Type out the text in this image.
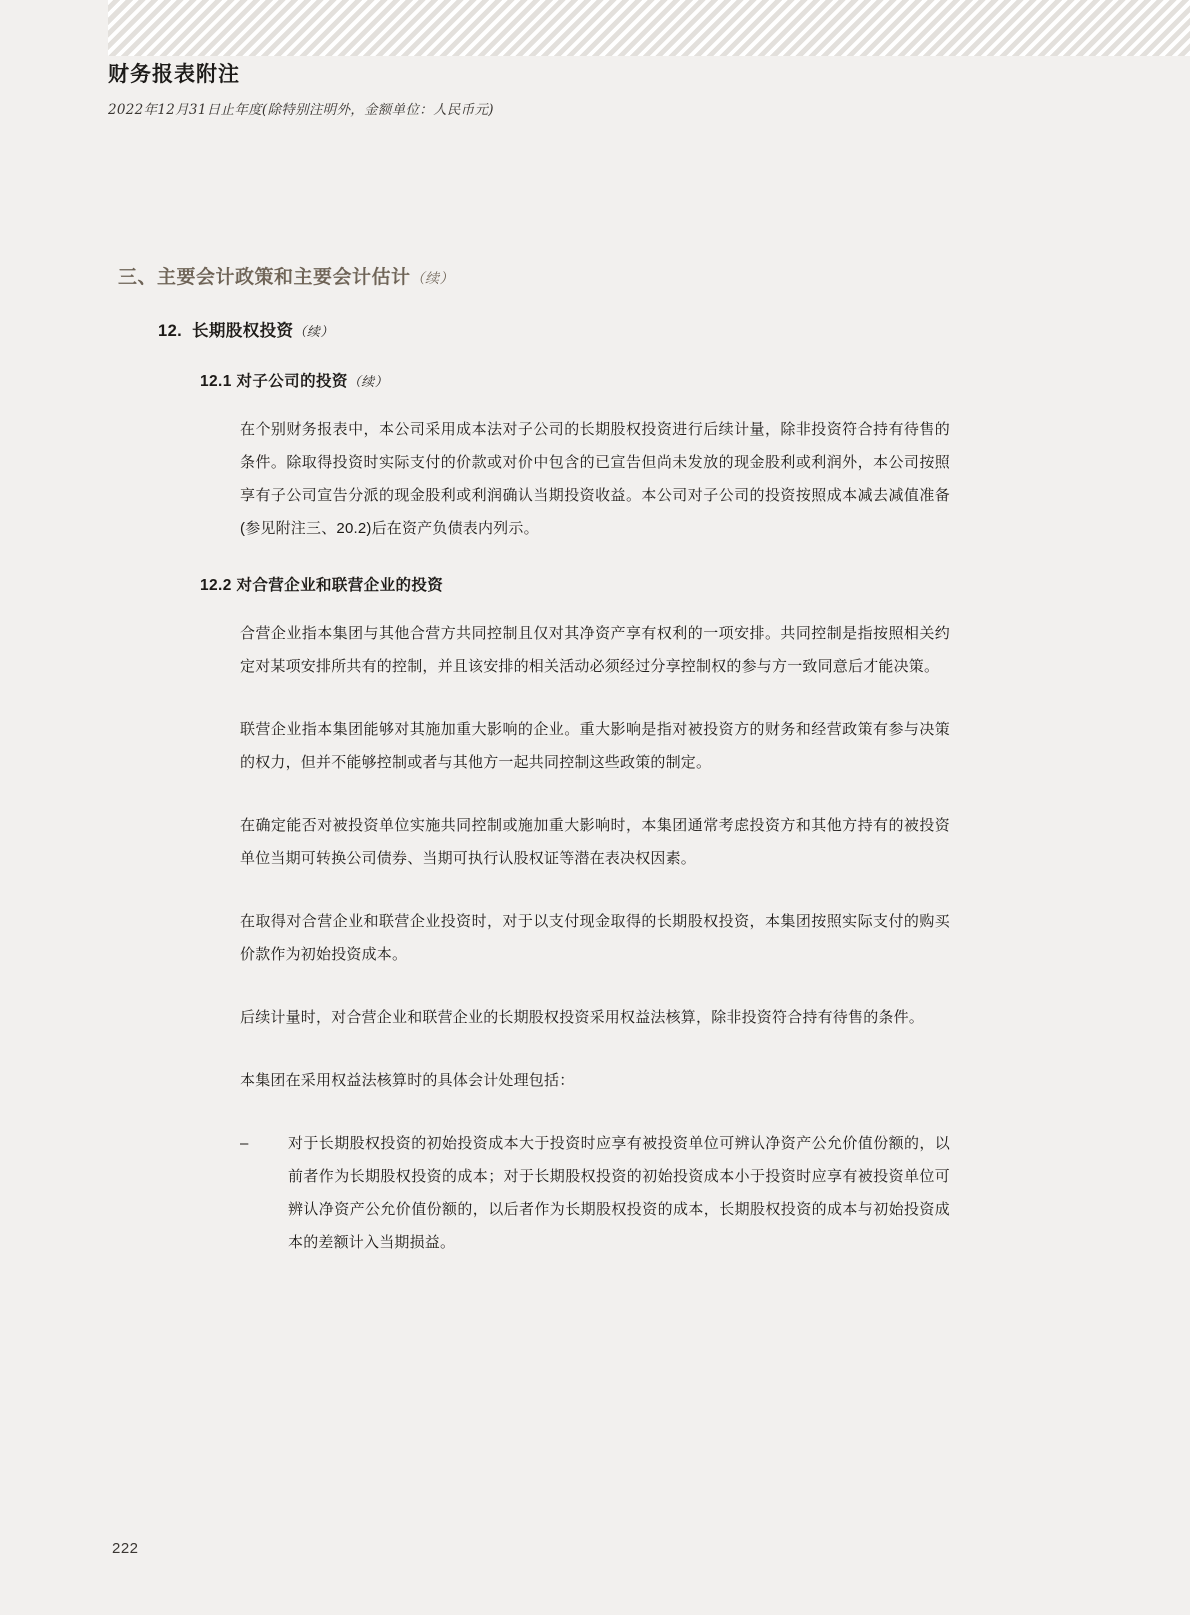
财务报表附注
2022年12月31日止年度(除特别注明外，金额单位：人民币元)
三、主要会计政策和主要会计估计（续）
12. 长期股权投资（续）
12.1 对子公司的投资（续）

在个别财务报表中，本公司采用成本法对子公司的长期股权投资进行后续计量，除非投资符合持有待售的条件。除取得投资时实际支付的价款或对价中包含的已宣告但尚未发放的现金股利或利润外，本公司按照享有子公司宣告分派的现金股利或利润确认当期投资收益。本公司对子公司的投资按照成本减去减值准备(参见附注三、20.2)后在资产负债表内列示。

12.2 对合营企业和联营企业的投资

合营企业指本集团与其他合营方共同控制且仅对其净资产享有权利的一项安排。共同控制是指按照相关约定对某项安排所共有的控制，并且该安排的相关活动必须经过分享控制权的参与方一致同意后才能决策。

联营企业指本集团能够对其施加重大影响的企业。重大影响是指对被投资方的财务和经营政策有参与决策的权力，但并不能够控制或者与其他方一起共同控制这些政策的制定。

在确定能否对被投资单位实施共同控制或施加重大影响时，本集团通常考虑投资方和其他方持有的被投资单位当期可转换公司债券、当期可执行认股权证等潜在表决权因素。

在取得对合营企业和联营企业投资时，对于以支付现金取得的长期股权投资，本集团按照实际支付的购买价款作为初始投资成本。

后续计量时，对合营企业和联营企业的长期股权投资采用权益法核算，除非投资符合持有待售的条件。

本集团在采用权益法核算时的具体会计处理包括：

–	对于长期股权投资的初始投资成本大于投资时应享有被投资单位可辨认净资产公允价值份额的，以前者作为长期股权投资的成本；对于长期股权投资的初始投资成本小于投资时应享有被投资单位可辨认净资产公允价值份额的，以后者作为长期股权投资的成本，长期股权投资的成本与初始投资成本的差额计入当期损益。
222
